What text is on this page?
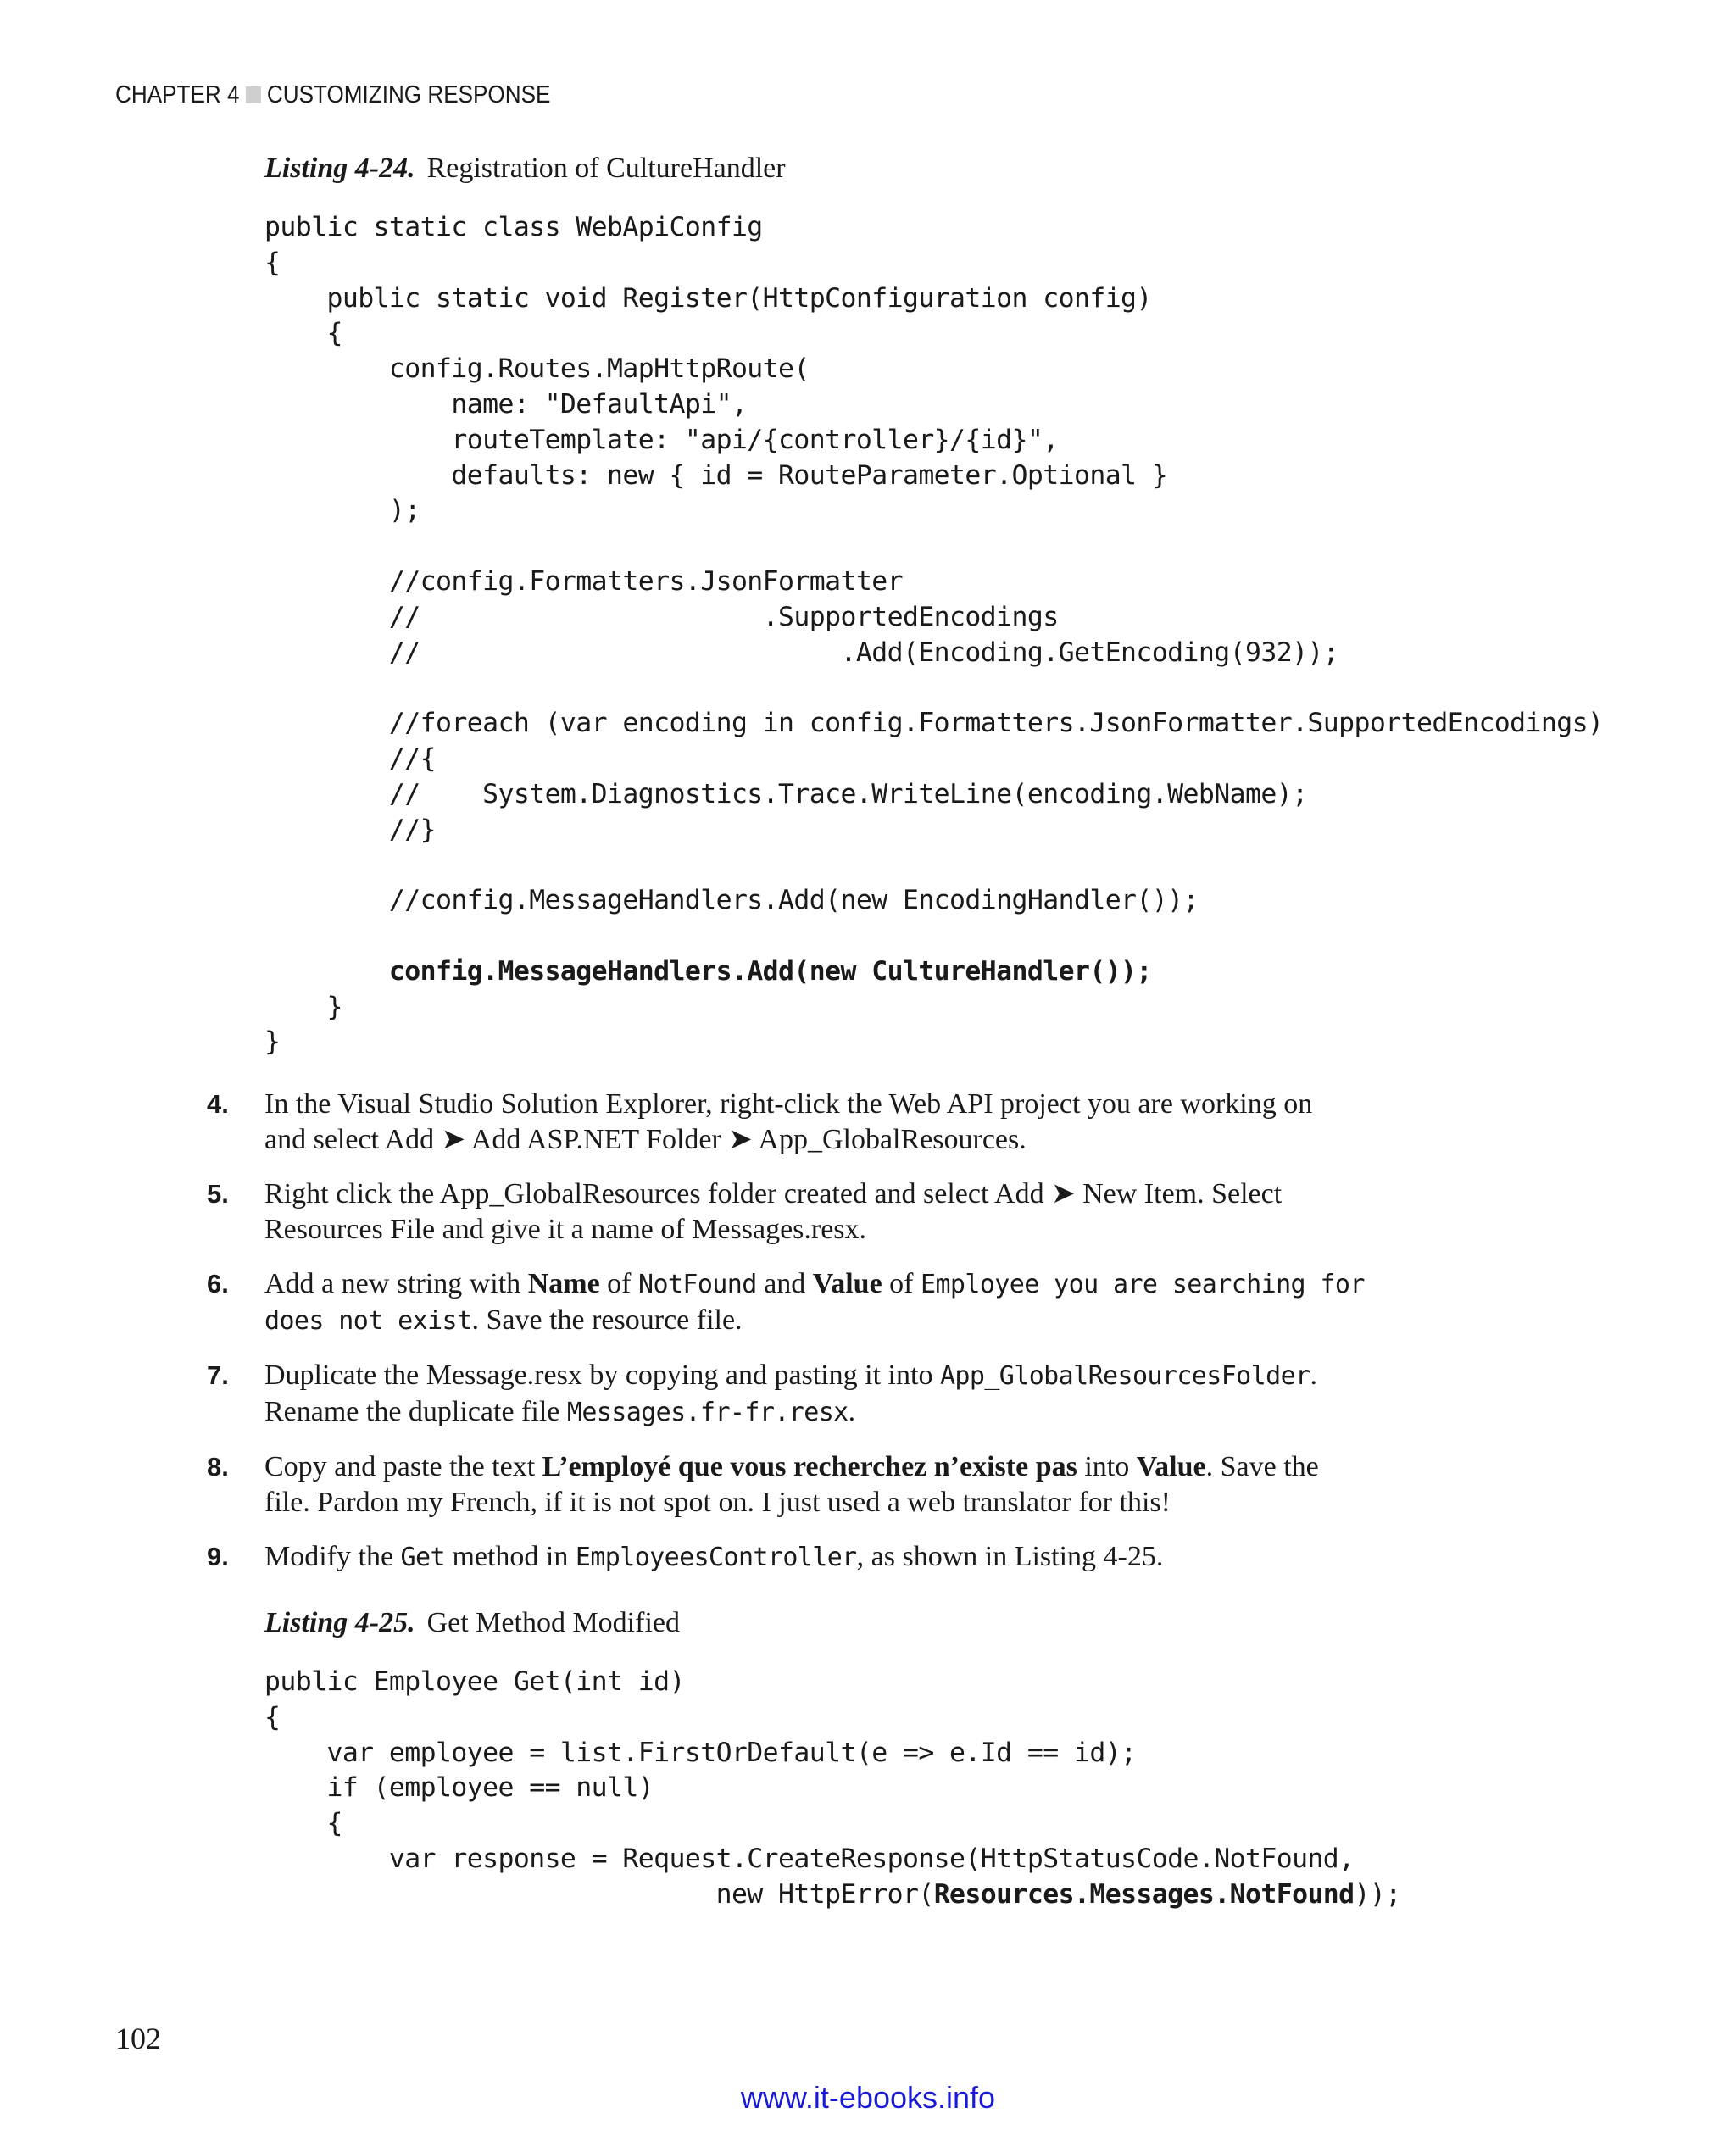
CHAPTER 4 CUSTOMIZING RESPONSE
Listing 4-24. Registration of CultureHandler
public static class WebApiConfig
{
public static void Register(HttpConfiguration config)
{
config.Routes.MapHttpRoute(
name: "DefaultApi",
routeTemplate: "api/{controller}/{id}",
defaults: new { id = RouteParameter.Optional }
);

//config.Formatters.JsonFormatter
//                      .SupportedEncodings
//                           .Add(Encoding.GetEncoding(932));

//foreach (var encoding in config.Formatters.JsonFormatter.SupportedEncodings)
//{
//    System.Diagnostics.Trace.WriteLine(encoding.WebName);
//}

//config.MessageHandlers.Add(new EncodingHandler());

config.MessageHandlers.Add(new CultureHandler());
}
}

4. In the Visual Studio Solution Explorer, right-click the Web API project you are working on
and select Add ➤ Add ASP.NET Folder ➤ App_GlobalResources.
5. Right click the App_GlobalResources folder created and select Add ➤ New Item. Select
Resources File and give it a name of Messages.resx.
6. Add a new string with Name of NotFound and Value of Employee you are searching for
does not exist. Save the resource file.
7. Duplicate the Message.resx by copying and pasting it into App_GlobalResourcesFolder.
Rename the duplicate file Messages.fr-fr.resx.
8. Copy and paste the text L’employé que vous recherchez n’existe pas into Value. Save the
file. Pardon my French, if it is not spot on. I just used a web translator for this!
9. Modify the Get method in EmployeesController, as shown in Listing 4-25.
Listing 4-25. Get Method Modified
public Employee Get(int id)
{
var employee = list.FirstOrDefault(e => e.Id == id);
if (employee == null)
{
var response = Request.CreateResponse(HttpStatusCode.NotFound,
new HttpError(Resources.Messages.NotFound));
102
www.it-ebooks.info
